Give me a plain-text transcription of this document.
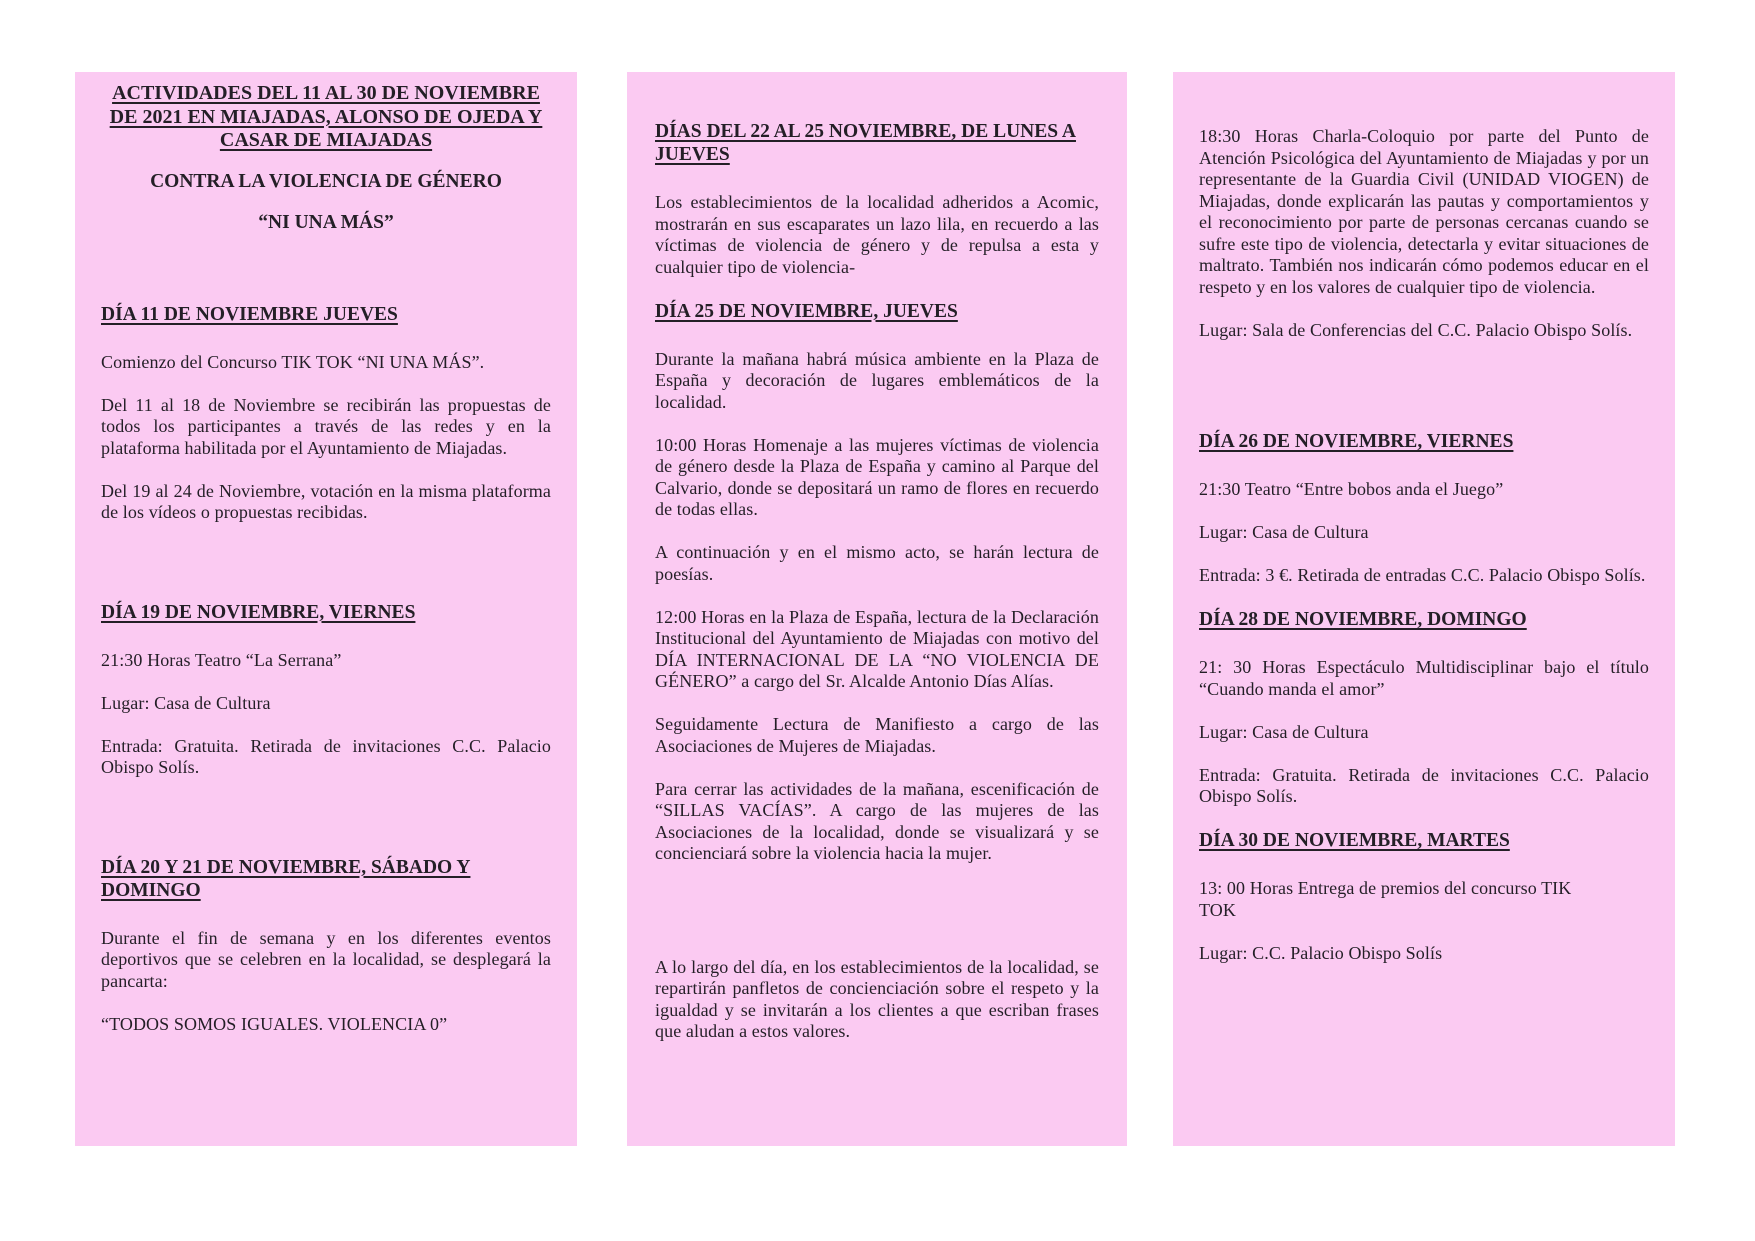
ACTIVIDADES DEL 11 AL 30 DE NOVIEMBRE
DE 2021 EN MIAJADAS, ALONSO DE OJEDA Y
CASAR DE MIAJADAS

CONTRA LA VIOLENCIA DE GÉNERO

“NI UNA MÁS”

DÍA 11 DE NOVIEMBRE JUEVES

Comienzo del Concurso TIK TOK “NI UNA MÁS”.

Del 11 al 18 de Noviembre se recibirán las propuestas de todos los participantes a través de las redes y en la plataforma habilitada por el Ayuntamiento de Miajadas.

Del 19 al 24 de Noviembre, votación en la misma plataforma de los vídeos o propuestas recibidas.

DÍA 19 DE NOVIEMBRE, VIERNES

21:30 Horas Teatro “La Serrana”

Lugar: Casa de Cultura

Entrada: Gratuita. Retirada de invitaciones C.C. Palacio Obispo Solís.

DÍA 20 Y 21 DE NOVIEMBRE, SÁBADO Y DOMINGO

Durante el fin de semana y en los diferentes eventos deportivos que se celebren en la localidad, se desplegará la pancarta:

“TODOS SOMOS IGUALES. VIOLENCIA 0”

DÍAS DEL 22 AL 25 NOVIEMBRE, DE LUNES A JUEVES

Los establecimientos de la localidad adheridos a Acomic, mostrarán en sus escaparates un lazo lila, en recuerdo a las víctimas de violencia de género y de repulsa a esta y cualquier tipo de violencia-

DÍA 25 DE NOVIEMBRE, JUEVES

Durante la mañana habrá música ambiente en la Plaza de España y decoración de lugares emblemáticos de la localidad.

10:00 Horas Homenaje a las mujeres víctimas de violencia de género desde la Plaza de España y camino al Parque del Calvario, donde se depositará un ramo de flores en recuerdo de todas ellas.

A continuación y en el mismo acto, se harán lectura de poesías.

12:00 Horas en la Plaza de España, lectura de la Declaración Institucional del Ayuntamiento de Miajadas con motivo del DÍA INTERNACIONAL DE LA “NO VIOLENCIA DE GÉNERO” a cargo del Sr. Alcalde Antonio Días Alías.

Seguidamente Lectura de Manifiesto a cargo de las Asociaciones de Mujeres de Miajadas.

Para cerrar las actividades de la mañana, escenificación de “SILLAS VACÍAS”. A cargo de las mujeres de las Asociaciones de la localidad, donde se visualizará y se concienciará sobre la violencia hacia la mujer.

A lo largo del día, en los establecimientos de la localidad, se repartirán panfletos de concienciación sobre el respeto y la igualdad y se invitarán a los clientes a que escriban frases que aludan a estos valores.

18:30 Horas Charla-Coloquio por parte del Punto de Atención Psicológica del Ayuntamiento de Miajadas y por un representante de la Guardia Civil (UNIDAD VIOGEN) de Miajadas, donde explicarán las pautas y comportamientos y el reconocimiento por parte de personas cercanas cuando se sufre este tipo de violencia, detectarla y evitar situaciones de maltrato. También nos indicarán cómo podemos educar en el respeto y en los valores de cualquier tipo de violencia.

Lugar: Sala de Conferencias del C.C. Palacio Obispo Solís.

DÍA 26 DE NOVIEMBRE, VIERNES

21:30 Teatro “Entre bobos anda el Juego”

Lugar: Casa de Cultura

Entrada: 3 €. Retirada de entradas C.C. Palacio Obispo Solís.

DÍA 28 DE NOVIEMBRE, DOMINGO

21: 30 Horas Espectáculo Multidisciplinar bajo el título “Cuando manda el amor”

Lugar: Casa de Cultura

Entrada: Gratuita. Retirada de invitaciones C.C. Palacio Obispo Solís.

DÍA 30 DE NOVIEMBRE, MARTES

13: 00 Horas Entrega de premios del concurso TIK
TOK

Lugar: C.C. Palacio Obispo Solís
